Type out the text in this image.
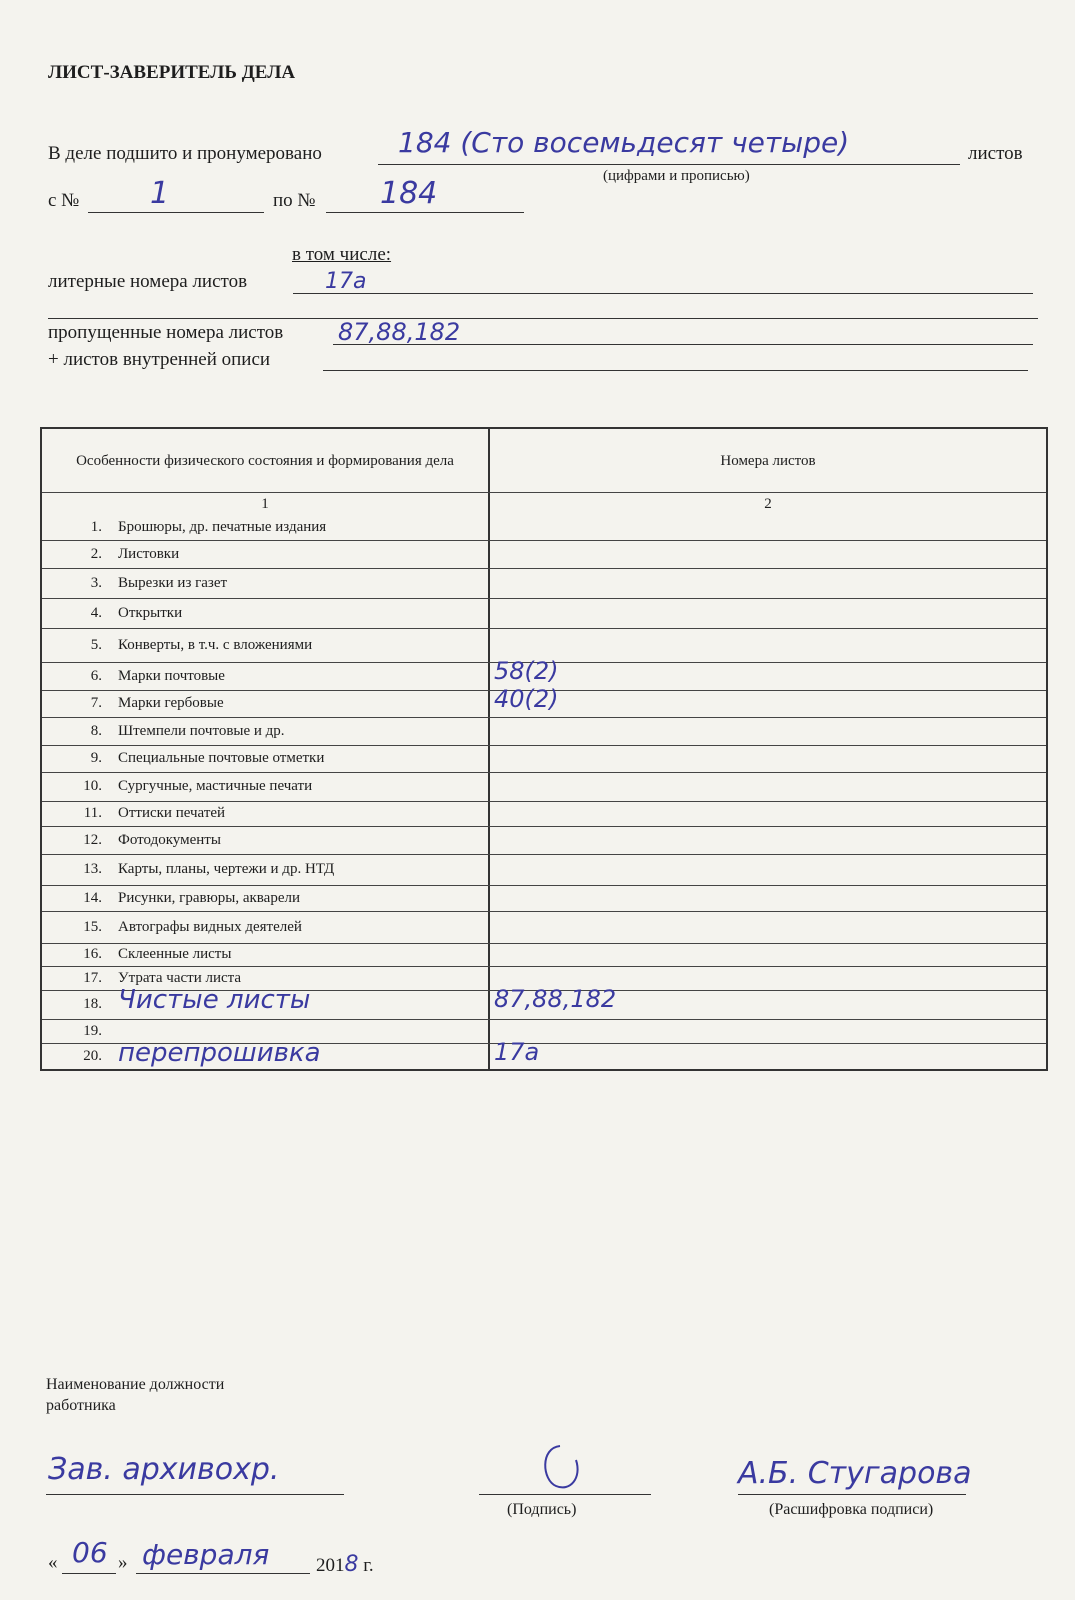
ЛИСТ-ЗАВЕРИТЕЛЬ ДЕЛА
В деле подшито и пронумеровано	184 (Сто восемьдесят четыре)	листов
(цифрами и прописью)
с № 1	по № 184
в том числе:
литерные номера листов	17а
пропущенные номера листов 87,88,182
+ листов внутренней описи
Особенности физического состояния и формирования дела	Номера листов
1	2
1. Брошюры, др. печатные издания
2. Листовки
3. Вырезки из газет
4. Открытки
5. Конверты, в т.ч. с вложениями
6. Марки почтовые	58(2)
7. Марки гербовые	40(2)
8. Штемпели почтовые и др.
9. Специальные почтовые отметки
10. Сургучные, мастичные печати
11. Оттиски печатей
12. Фотодокументы
13. Карты, планы, чертежи и др. НТД
14. Рисунки, гравюры, акварели
15. Автографы видных деятелей
16. Склеенные листы
17. Утрата части листа
18. Чистые листы	87,88,182
19.
20. перепрошивка	17а
Наименование должности
работника
Зав. архивохр.
(Подпись)
А.Б. Стугарова
(Расшифровка подписи)
« 06 » февраля 2018 г.
